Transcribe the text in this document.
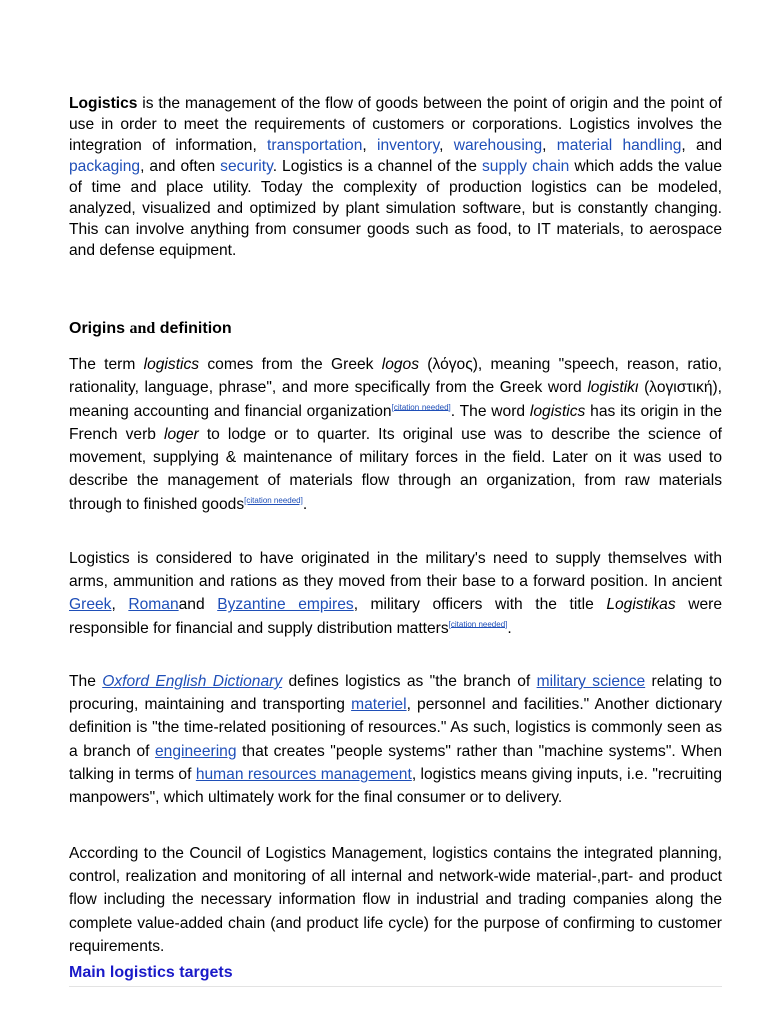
Logistics is the management of the flow of goods between the point of origin and the point of use in order to meet the requirements of customers or corporations. Logistics involves the integration of information, transportation, inventory, warehousing, material handling, and packaging, and often security. Logistics is a channel of the supply chain which adds the value of time and place utility. Today the complexity of production logistics can be modeled, analyzed, visualized and optimized by plant simulation software, but is constantly changing. This can involve anything from consumer goods such as food, to IT materials, to aerospace and defense equipment.

Origins and definition

The term logistics comes from the Greek logos (λόγος), meaning "speech, reason, ratio, rationality, language, phrase", and more specifically from the Greek word logistikι (λογιστική), meaning accounting and financial organization[citation needed]. The word logistics has its origin in the French verb loger to lodge or to quarter. Its original use was to describe the science of movement, supplying & maintenance of military forces in the field. Later on it was used to describe the management of materials flow through an organization, from raw materials through to finished goods[citation needed].

Logistics is considered to have originated in the military's need to supply themselves with arms, ammunition and rations as they moved from their base to a forward position. In ancient Greek, Romanand Byzantine empires, military officers with the title Logistikas were responsible for financial and supply distribution matters[citation needed].

The Oxford English Dictionary defines logistics as "the branch of military science relating to procuring, maintaining and transporting materiel, personnel and facilities." Another dictionary definition is "the time-related positioning of resources." As such, logistics is commonly seen as a branch of engineering that creates "people systems" rather than "machine systems". When talking in terms of human resources management, logistics means giving inputs, i.e. "recruiting manpowers", which ultimately work for the final consumer or to delivery.

According to the Council of Logistics Management, logistics contains the integrated planning, control, realization and monitoring of all internal and network-wide material-,part- and product flow including the necessary information flow in industrial and trading companies along the complete value-added chain (and product life cycle) for the purpose of confirming to customer requirements.

Main logistics targets
